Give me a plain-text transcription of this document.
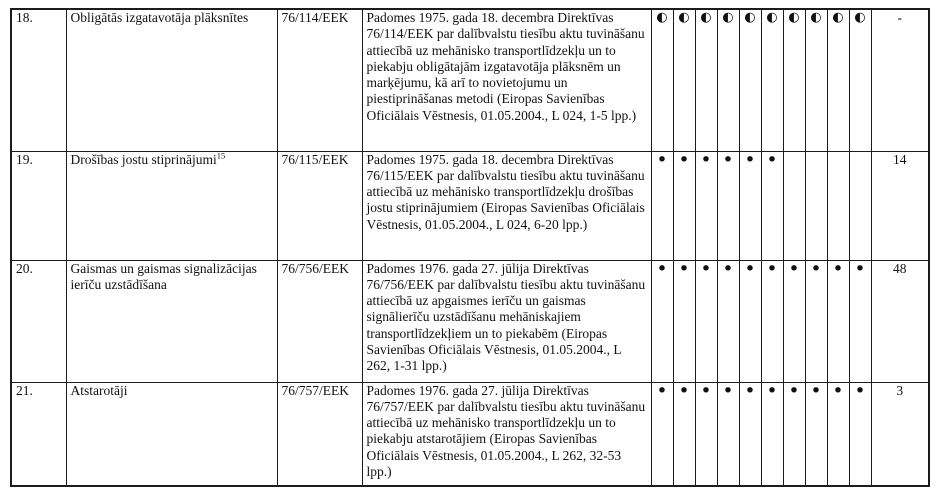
18.	Obligātās izgatavotāja plāksnītes	76/114/EEK	Padomes 1975. gada 18. decembra Direktīvas 76/114/EEK par dalībvalstu tiesību aktu tuvināšanu attiecībā uz mehānisko transportlīdzekļu un to piekabju obligātajām izgatavotāja plāksnēm un marķējumu, kā arī to novietojumu un piestiprināšanas metodi (Eiropas Savienības Oficiālais Vēstnesis, 01.05.2004., L 024, 1-5 lpp.)	◐	◐	◐	◐	◐	◐	◐	◐	◐	◐	-
19.	Drošības jostu stiprinājumi$^{15}$	76/115/EEK	Padomes 1975. gada 18. decembra Direktīvas 76/115/EEK par dalībvalstu tiesību aktu tuvināšanu attiecībā uz mehānisko transportlīdzekļu drošības jostu stiprinājumiem (Eiropas Savienības Oficiālais Vēstnesis, 01.05.2004., L 024, 6-20 lpp.)	•	•	•	•	•	•					14
20.	Gaismas un gaismas signalizācijas ierīču uzstādīšana	76/756/EEK	Padomes 1976. gada 27. jūlija Direktīvas 76/756/EEK par dalībvalstu tiesību aktu tuvināšanu attiecībā uz apgaismes ierīču un gaismas signālierīču uzstādīšanu mehāniskajiem transportlīdzekļiem un to piekabēm (Eiropas Savienības Oficiālais Vēstnesis, 01.05.2004., L 262, 1-31 lpp.)	•	•	•	•	•	•	•	•	•	•	48
21.	Atstarotāji	76/757/EEK	Padomes 1976. gada 27. jūlija Direktīvas 76/757/EEK par dalībvalstu tiesību aktu tuvināšanu attiecībā uz mehānisko transportlīdzekļu un to piekabju atstarotājiem (Eiropas Savienības Oficiālais Vēstnesis, 01.05.2004., L 262, 32-53 lpp.)	•	•	•	•	•	•	•	•	•	•	3
